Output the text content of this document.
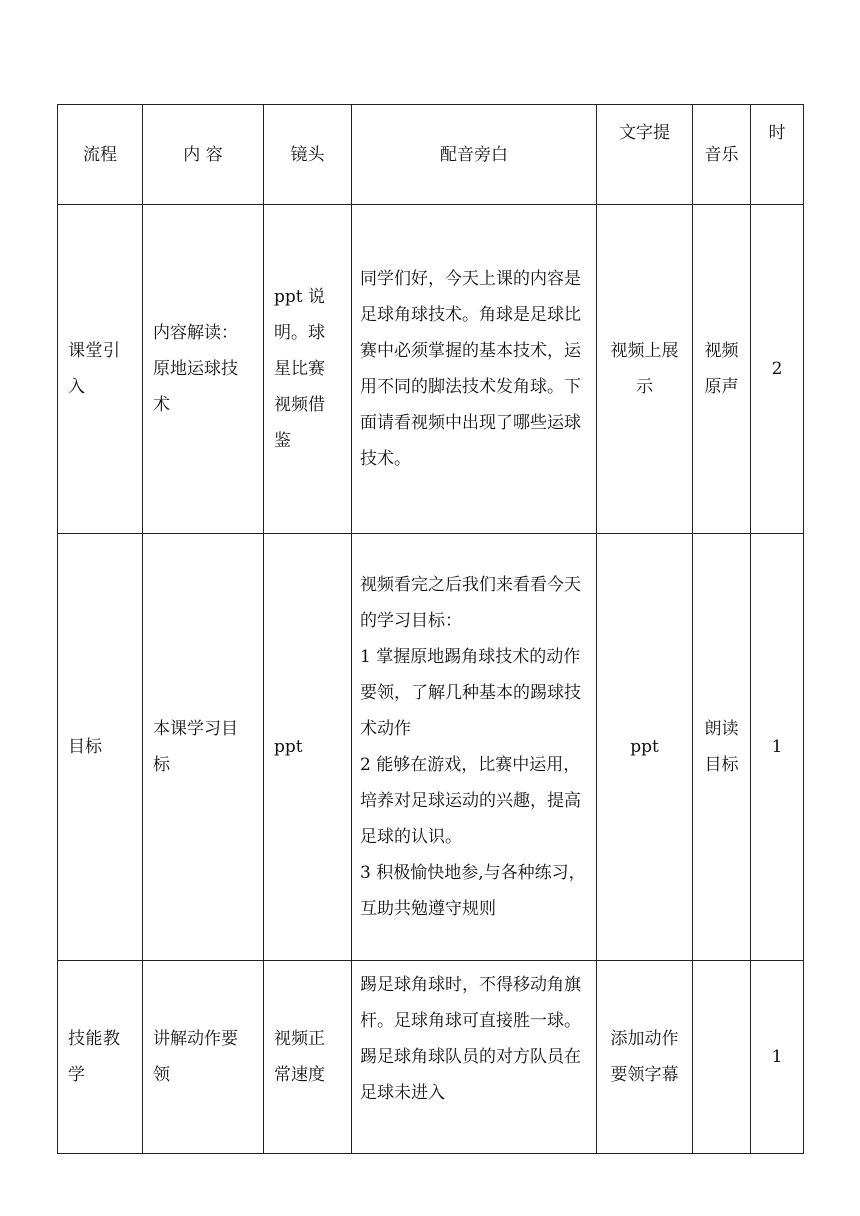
流程	内 容	镜头	配音旁白	文字提	音乐	时
课堂引入	内容解读：原地运球技术	ppt 说明。球星比赛视频借鉴	同学们好，今天上课的内容是足球角球技术。角球是足球比赛中必须掌握的基本技术，运用不同的脚法技术发角球。下面请看视频中出现了哪些运球技术。	视频上展示	视频原声	2
目标	本课学习目标	ppt	视频看完之后我们来看看今天的学习目标：

1 掌握原地踢角球技术的动作要领，了解几种基本的踢球技术动作

2 能够在游戏，比赛中运用，培养对足球运动的兴趣，提高足球的认识。

3 积极愉快地参,与各种练习，互助共勉遵守规则	ppt	朗读目标	1
技能教学	讲解动作要领	视频正常速度	踢足球角球时，不得移动角旗杆。足球角球可直接胜一球。踢足球角球队员的对方队员在足球未进入	添加动作要领字幕		1
